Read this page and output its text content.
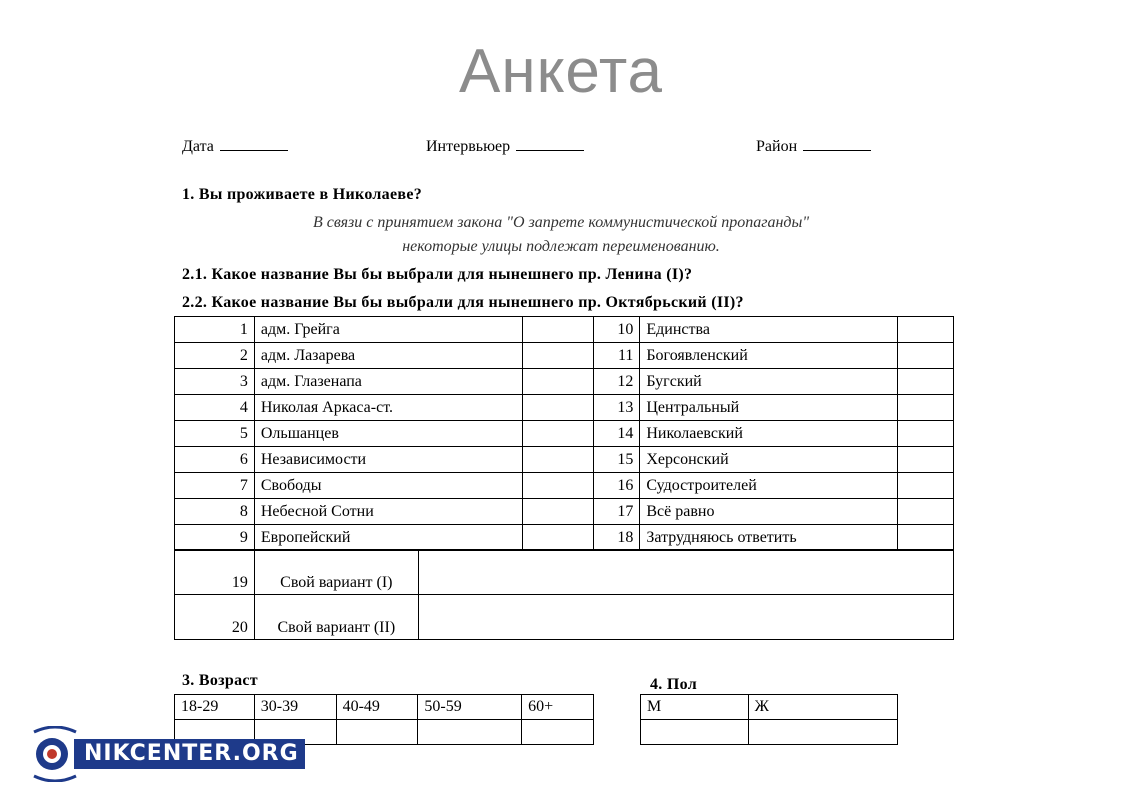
Анкета
Дата	Интервьюер	Район
1. Вы проживаете в Николаеве?
В связи с принятием закона "О запрете коммунистической пропаганды"
некоторые улицы подлежат переименованию.
2.1. Какое название Вы бы выбрали для нынешнего пр. Ленина (I)?
2.2. Какое название Вы бы выбрали для нынешнего пр. Октябрьский (II)?
1	адм. Грейга		10	Единства	
2	адм. Лазарева		11	Богоявленский	
3	адм. Глазенапа		12	Бугский	
4	Николая Аркаса-ст.		13	Центральный	
5	Ольшанцев		14	Николаевский	
6	Независимости		15	Херсонский	
7	Свободы		16	Судостроителей	
8	Небесной Сотни		17	Всё равно	
9	Европейский		18	Затрудняюсь ответить	
19	Свой вариант (I)	
20	Свой вариант (II)	
3. Возраст
18-29	30-39	40-49	50-59	60+

4. Пол
М	Ж

NIKCENTER.ORG
